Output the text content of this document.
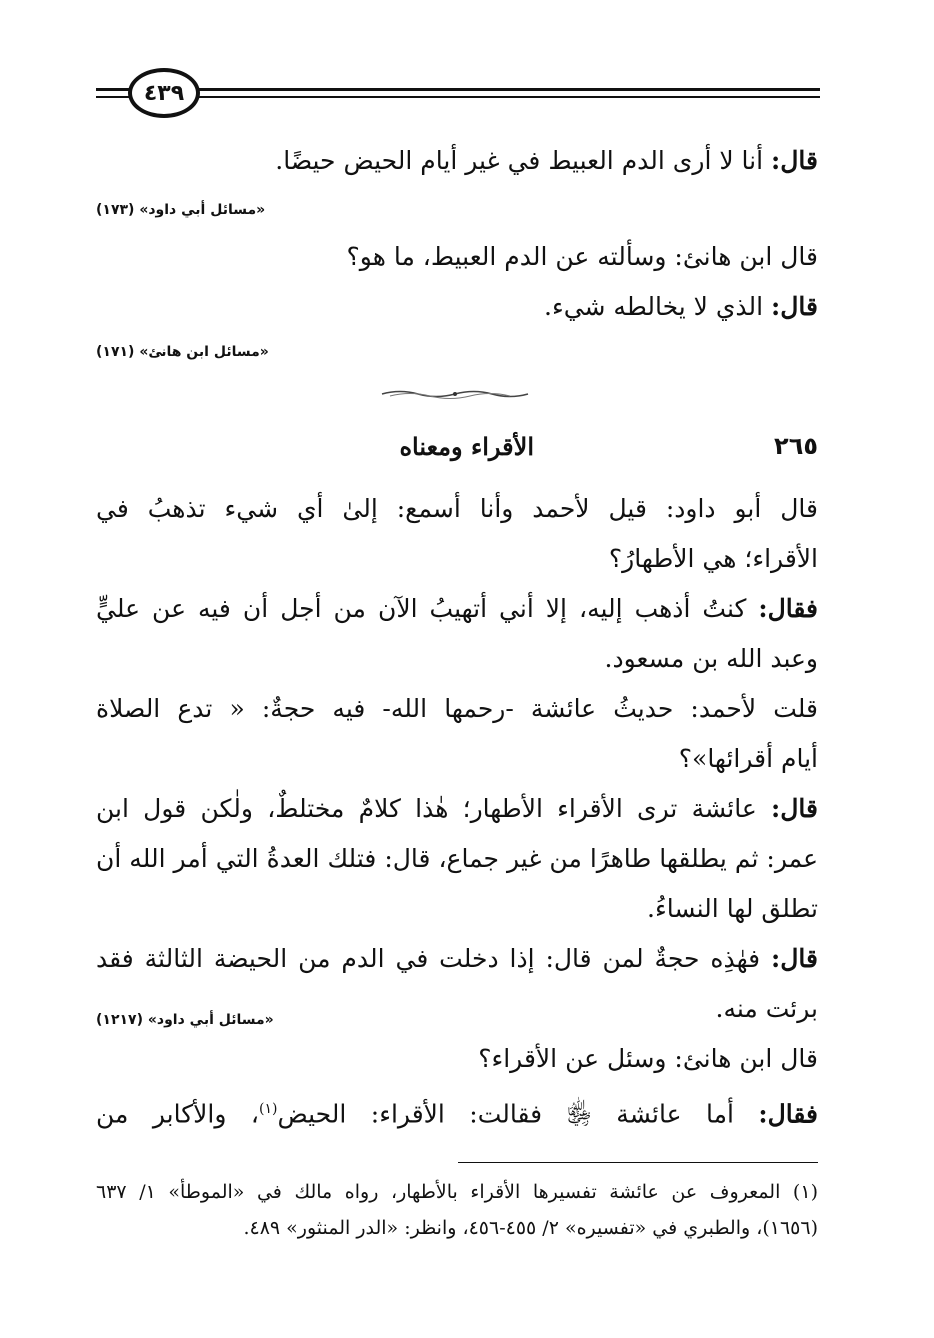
٤٣٩
قال: أنا لا أرى الدم العبيط في غير أيام الحيض حيضًا.
«مسائل أبي داود» (١٧٣)
قال ابن هانئ: وسألته عن الدم العبيط، ما هو؟
قال: الذي لا يخالطه شيء.
«مسائل ابن هانئ» (١٧١)
٢٦٥
الأقراء ومعناه
قال أبو داود: قيل لأحمد وأنا أسمع: إلىٰ أي شيء تذهبُ في
الأقراء؛ هي الأطهارُ؟
فقال: كنتُ أذهب إليه، إلا أني أتهيبُ الآن من أجل أن فيه عن عليٍّ
وعبد الله بن مسعود.
قلت لأحمد: حديثُ عائشة -رحمها الله- فيه حجةٌ: « تدع الصلاة
أيام أقرائها»؟
قال: عائشة ترى الأقراء الأطهار؛ هٰذا كلامٌ مختلطٌ، ولٰكن قول ابن
عمر: ثم يطلقها طاهرًا من غير جماع، قال: فتلك العدةُ التي أمر الله أن
تطلق لها النساءُ.
قال: فهٰذِه حجةٌ لمن قال: إذا دخلت في الدم من الحيضة الثالثة فقد
برئت منه.
قال ابن هانئ: وسئل عن الأقراء؟
فقال: أما عائشة ﵂ فقالت: الأقراء: الحيض$^{(١)}$، والأكابر من
«مسائل أبي داود» (١٢١٧)
(١) المعروف عن عائشة تفسيرها الأقراء بالأطهار، رواه مالك في «الموطأ» ١/ ٦٣٧
(١٦٥٦)، والطبري في «تفسيره» ٢/ ٤٥٥-٤٥٦، وانظر: «الدر المنثور» ٤٨٩.
